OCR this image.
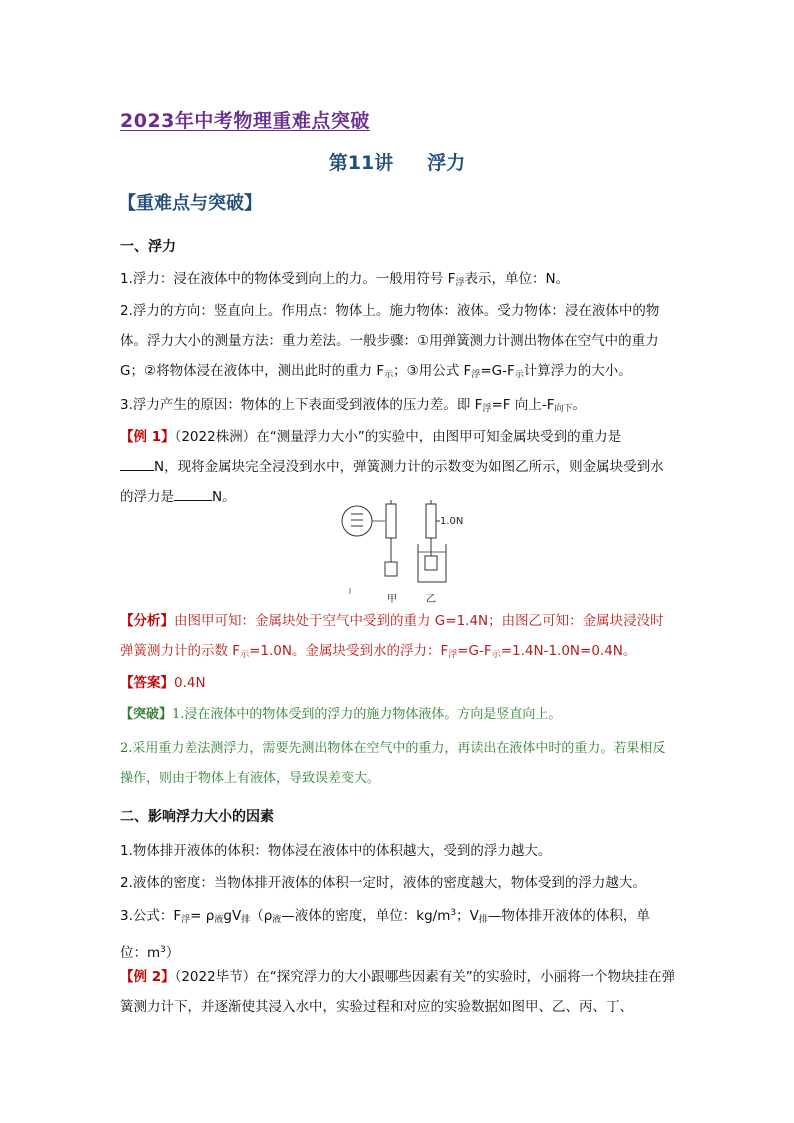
2023年中考物理重难点突破
第11讲 浮力
【重难点与突破】
一、浮力
1.浮力：浸在液体中的物体受到向上的力。一般用符号 $F_浮$表示，单位：N。
2.浮力的方向：竖直向上。作用点：物体上。施力物体：液体。受力物体：浸在液体中的物体。浮力大小的测量方法：重力差法。一般步骤：①用弹簧测力计测出物体在空气中的重力G；②将物体浸在液体中，测出此时的重力 $F_示$；③用公式 $F_浮=G-F_示$计算浮力的大小。
3.浮力产生的原因：物体的上下表面受到液体的压力差。即 $F_浮=F$ 向上$-F_{向下}$。
【例 1】（2022株洲）在“测量浮力大小”的实验中，由图甲可知金属块受到的重力是
N，现将金属块完全浸没到水中，弹簧测力计的示数变为如图乙所示，则金属块受到水
的浮力是	N。
1.0N
甲	乙
【分析】由图甲可知：金属块处于空气中受到的重力 G=1.4N；由图乙可知：金属块浸没时
弹簧测力计的示数 $F_示=1.0N$。金属块受到水的浮力：$F_浮=G-F_示=1.4N-1.0N=0.4N$。
【答案】0.4N
【突破】1.浸在液体中的物体受到的浮力的施力物体液体。方向是竖直向上。
2.采用重力差法测浮力，需要先测出物体在空气中的重力，再读出在液体中时的重力。若果相反操作，则由于物体上有液体，导致误差变大。
二、影响浮力大小的因素
1.物体排开液体的体积：物体浸在液体中的体积越大，受到的浮力越大。
2.液体的密度：当物体排开液体的体积一定时，液体的密度越大，物体受到的浮力越大。
3.公式：$F_浮=$ $\rho_液gV_排(\rho_液—$液体的密度，单位：$kg/m^3$；$V_排—$物体排开液体的体积，单位：$m^3$）
【例 2】（2022毕节）在“探究浮力的大小跟哪些因素有关”的实验时，小丽将一个物块挂在弹簧测力计下，并逐渐使其浸入水中，实验过程和对应的实验数据如图甲、乙、丙、丁、
